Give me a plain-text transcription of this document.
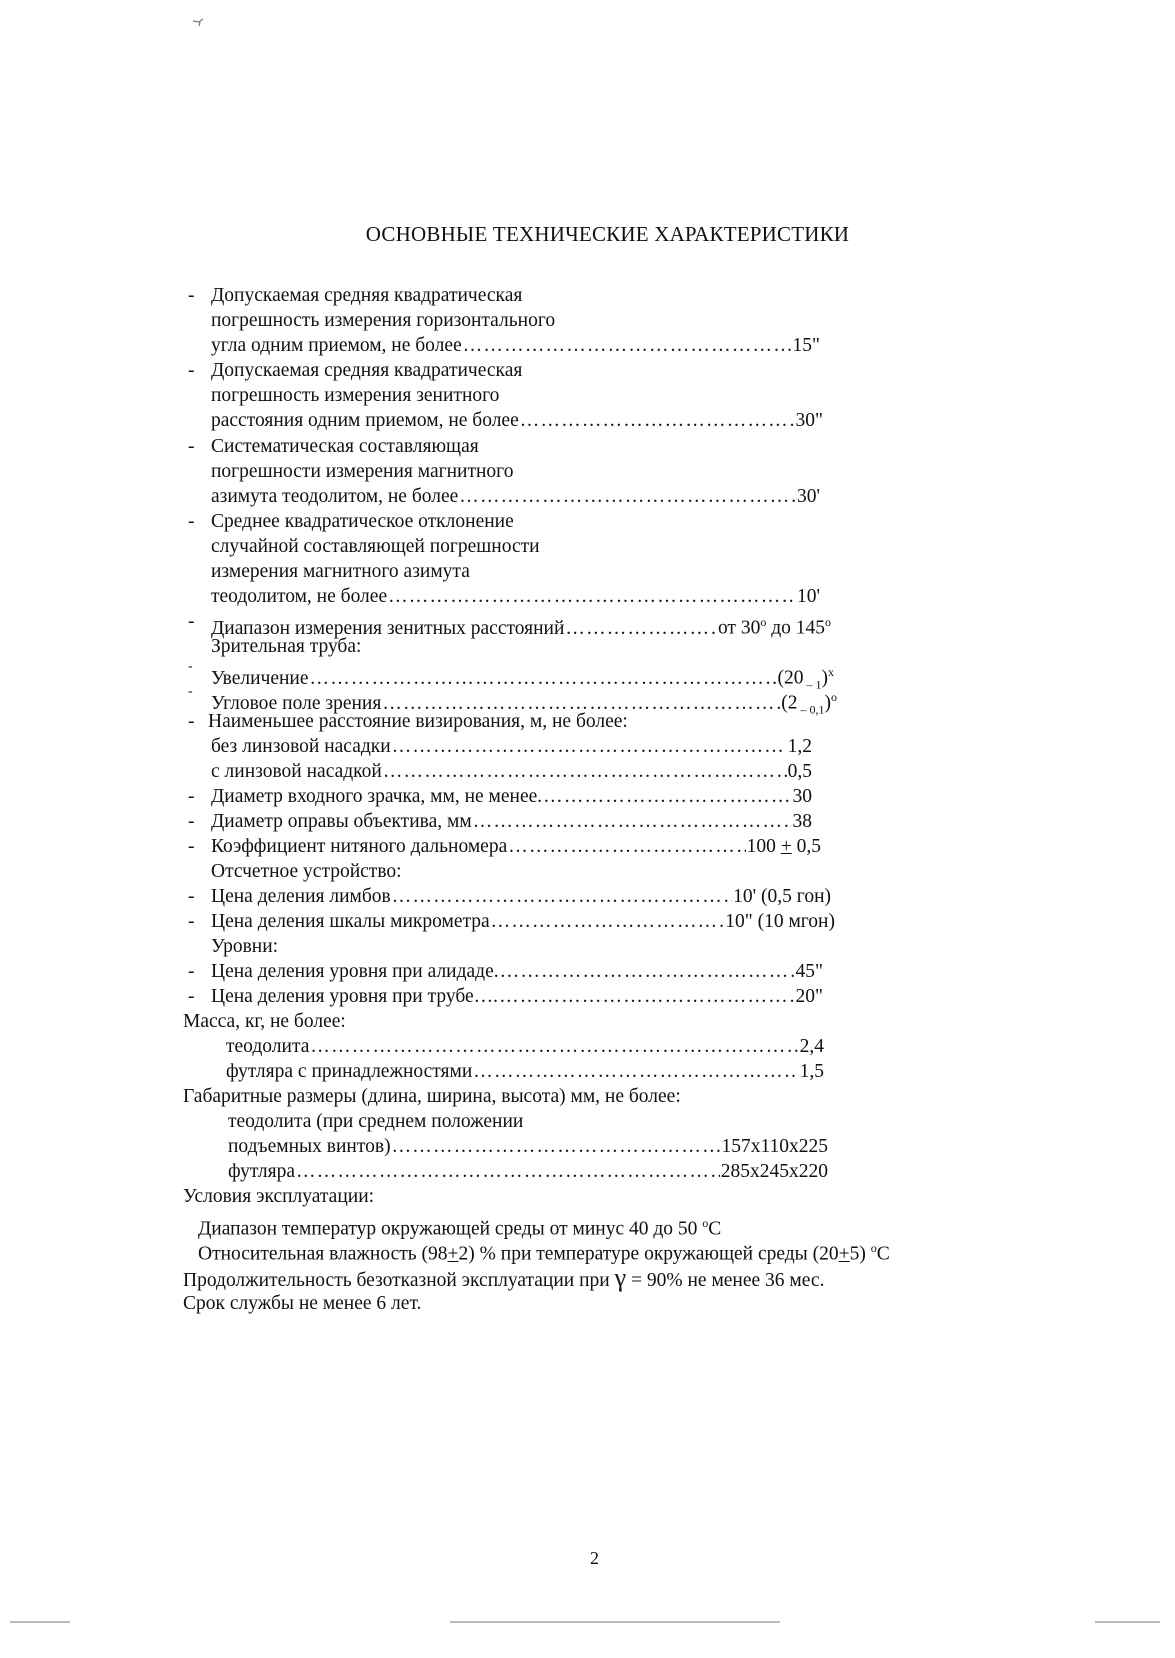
ОСНОВНЫЕ ТЕХНИЧЕСКИЕ ХАРАКТЕРИСТИКИ
- Допускаемая средняя квадратическая
погрешность измерения горизонтального
угла одним приемом, не более …………………………………………………………………………………………………………………………………………………………………	15"
- Допускаемая средняя квадратическая
погрешность измерения зенитного
расстояния одним приемом, не более …………………………………………………………………………………………………………………………………………………………………	30"
- Систематическая составляющая
погрешности измерения магнитного
азимута теодолитом, не более …………………………………………………………………………………………………………………………………………………………………	30'
- Среднее квадратическое отклонение
случайной составляющей погрешности
измерения магнитного азимута
теодолитом, не более …………………………………………………………………………………………………………………………………………………………………	10'
- Диапазон измерения зенитных расстояний …………………………………………………………………………………………………………………………………………………………………	от 30$^o$ до 145$^o$
Зрительная труба:
-
Увеличение …………………………………………………………………………………………………………………………………………………………………	(20 $_{- 1}$)$^x$
-
Угловое поле зрения …………………………………………………………………………………………………………………………………………………………………	(2 $_{- 0,1}$)$^o$
- Наименьшее расстояние визирования, м, не более:
без линзовой насадки …………………………………………………………………………………………………………………………………………………………………	1,2
с линзовой насадкой …………………………………………………………………………………………………………………………………………………………………	0,5
- Диаметр входного зрачка, мм, не менее. …………………………………………………………………………………………………………………………………………………………………	30
- Диаметр оправы объектива, мм …………………………………………………………………………………………………………………………………………………………………	38
- Коэффициент нитяного дальномера …………………………………………………………………………………………………………………………………………………………………	100 + 0,5
Отсчетное устройство:
- Цена деления лимбов …………………………………………………………………………………………………………………………………………………………………	10' (0,5 гон)
- Цена деления шкалы микрометра …………………………………………………………………………………………………………………………………………………………………	10" (10 мгон)
Уровни:
- Цена деления уровня при алидаде. …………………………………………………………………………………………………………………………………………………………………	45"
- Цена деления уровня при трубе…. …………………………………………………………………………………………………………………………………………………………………	20"
Масса, кг, не более:
теодолита …………………………………………………………………………………………………………………………………………………………………	2,4
футляра с принадлежностями …………………………………………………………………………………………………………………………………………………………………	1,5
Габаритные размеры (длина, ширина, высота) мм, не более:
теодолита (при среднем положении
подъемных винтов) …………………………………………………………………………………………………………………………………………………………………	157x110x225
футляра …………………………………………………………………………………………………………………………………………………………………	285x245x220
Условия эксплуатации:
Диапазон температур окружающей среды от минус 40 до 50 $^o$C
Относительная влажность (98+2) % при температуре окружающей среды (20+5) $^o$C
Продолжительность безотказной эксплуатации при γ = 90% не менее 36 мес.
Срок службы не менее 6 лет.
2
